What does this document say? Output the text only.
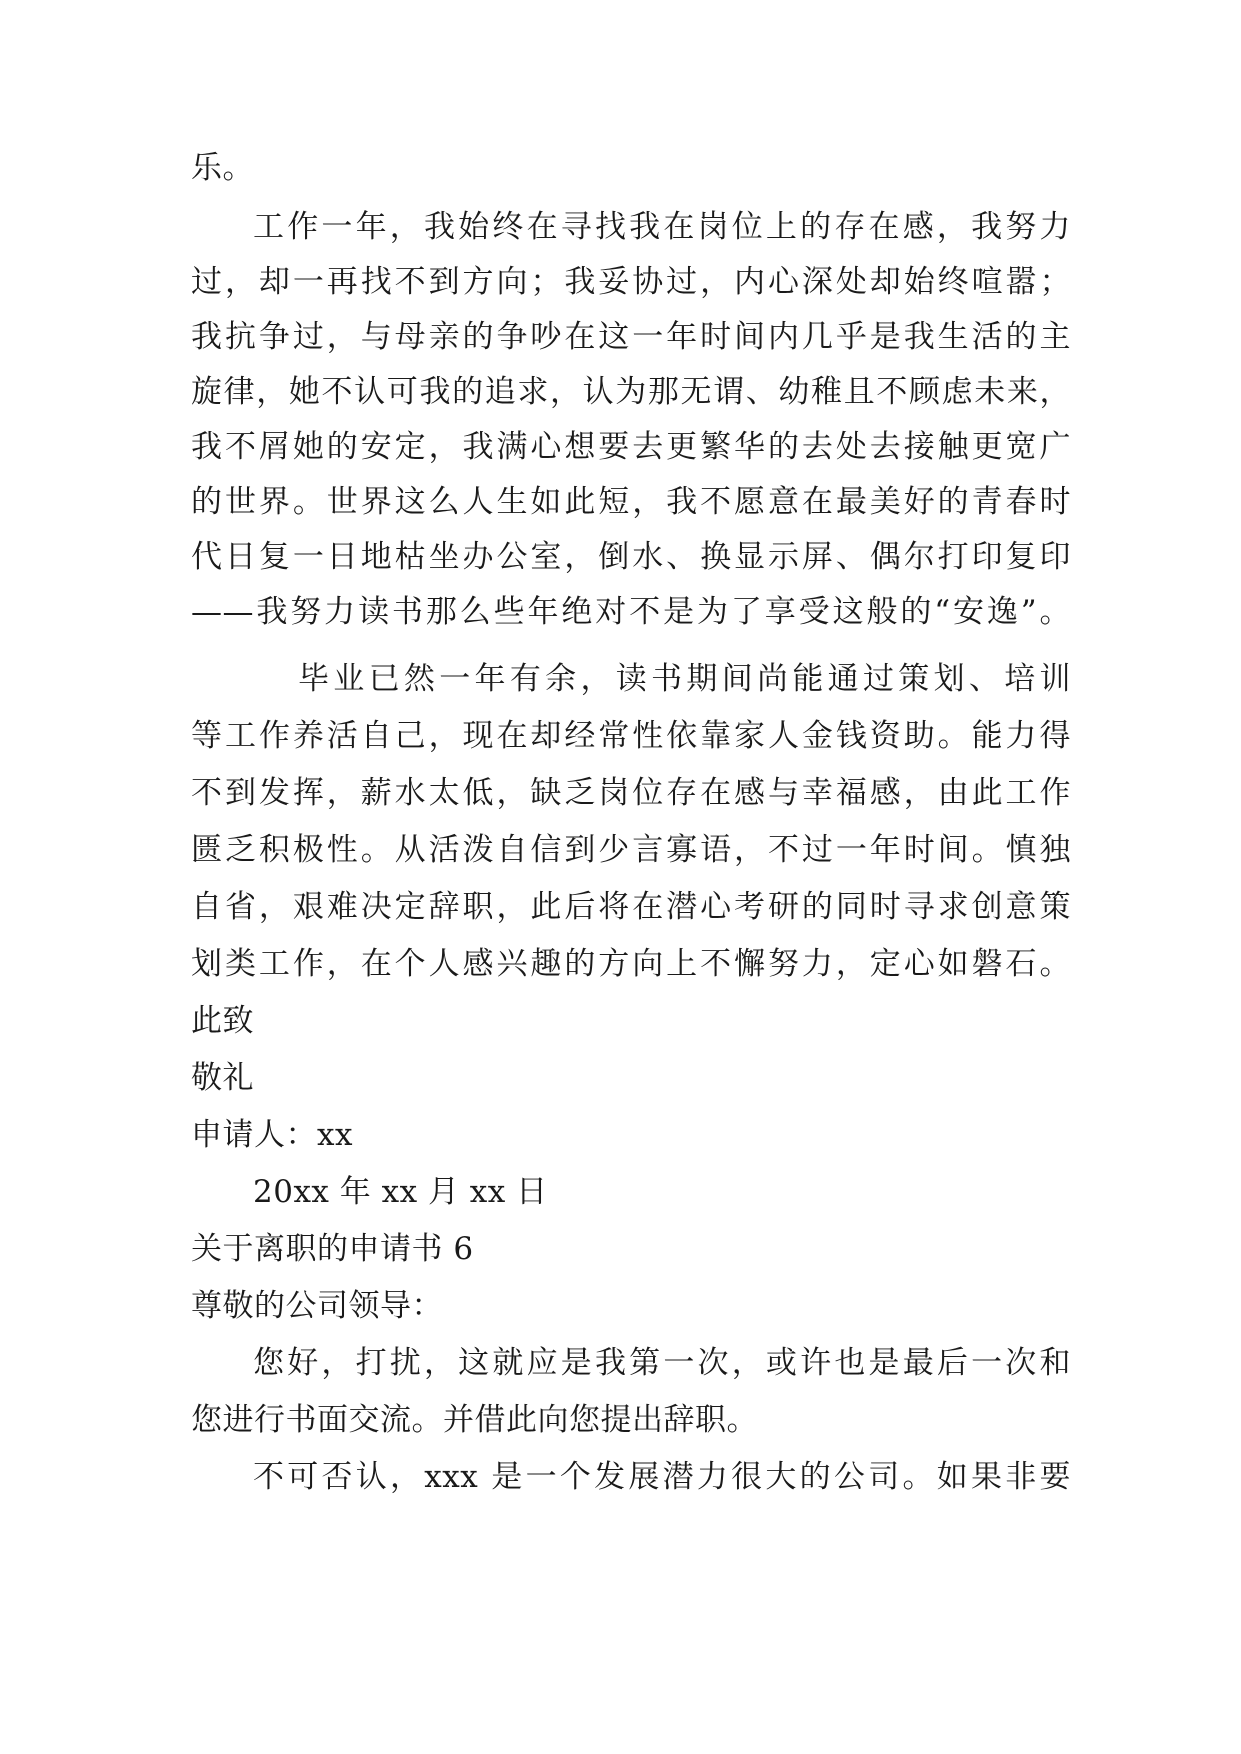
乐。
工作一年，我始终在寻找我在岗位上的存在感，我努力
过，却一再找不到方向；我妥协过，内心深处却始终喧嚣；
我抗争过，与母亲的争吵在这一年时间内几乎是我生活的主
旋律，她不认可我的追求，认为那无谓、幼稚且不顾虑未来，
我不屑她的安定，我满心想要去更繁华的去处去接触更宽广
的世界。世界这么人生如此短，我不愿意在最美好的青春时
代日复一日地枯坐办公室，倒水、换显示屏、偶尔打印复印
——我努力读书那么些年绝对不是为了享受这般的“安逸”。
毕业已然一年有余，读书期间尚能通过策划、培训
等工作养活自己，现在却经常性依靠家人金钱资助。能力得
不到发挥，薪水太低，缺乏岗位存在感与幸福感，由此工作
匮乏积极性。从活泼自信到少言寡语，不过一年时间。慎独
自省，艰难决定辞职，此后将在潜心考研的同时寻求创意策
划类工作，在个人感兴趣的方向上不懈努力，定心如磐石。
此致
敬礼
申请人：xx
20xx 年 xx 月 xx 日
关于离职的申请书 6
尊敬的公司领导：
您好，打扰，这就应是我第一次，或许也是最后一次和
您进行书面交流。并借此向您提出辞职。
不可否认，xxx 是一个发展潜力很大的公司。如果非要
